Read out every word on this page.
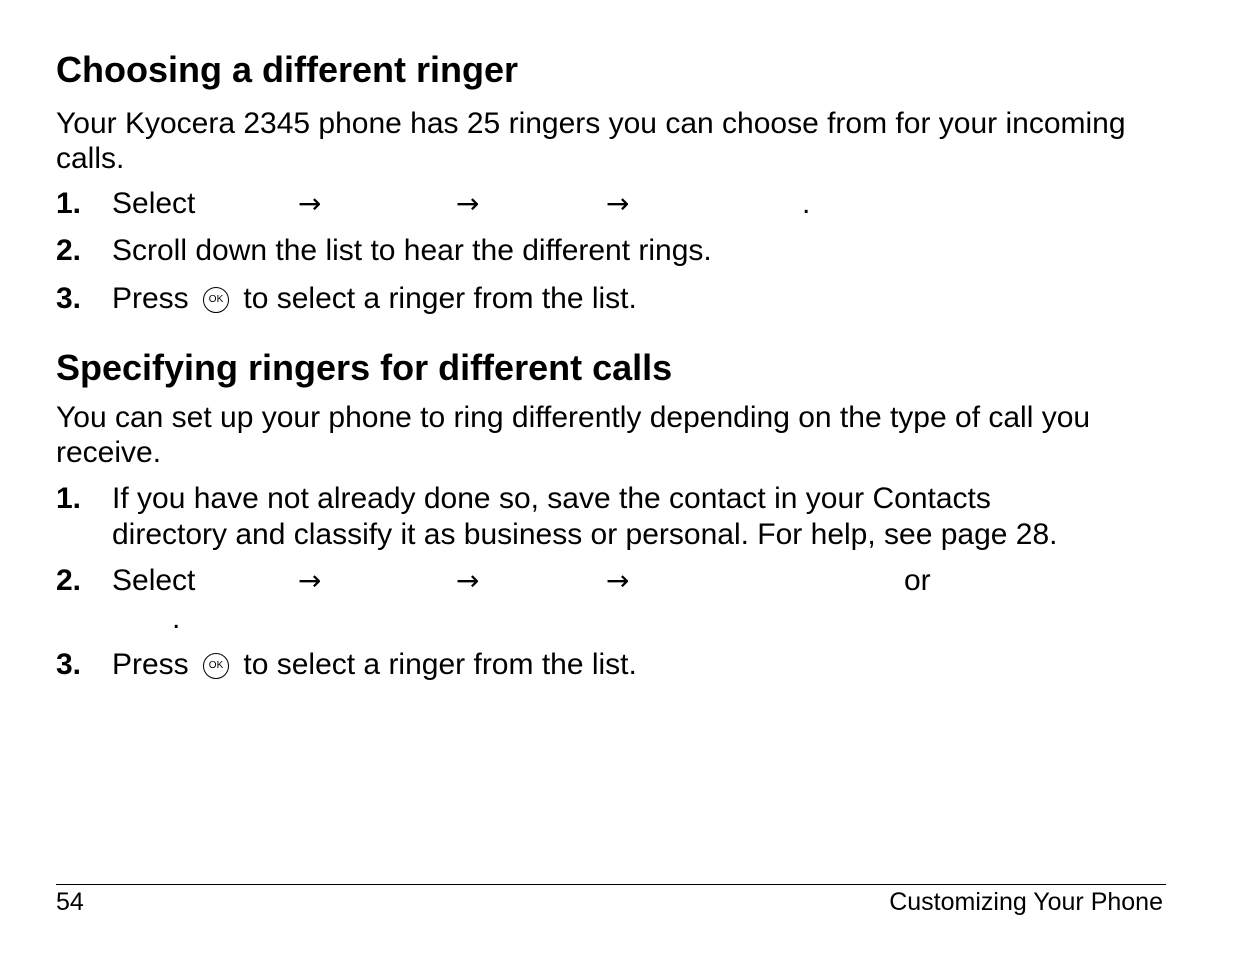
Choosing a different ringer
Your Kyocera 2345 phone has 25 ringers you can choose from for your incoming calls.
1.	Select	→	→	→	.
2.	Scroll down the list to hear the different rings.
3.	Press	OK to select a ringer from the list.
Specifying ringers for different calls
You can set up your phone to ring differently depending on the type of call you receive.
1.	If you have not already done so, save the contact in your Contacts
directory and classify it as business or personal. For help, see page 28.
2.	Select	→	→	→	or
.
3.	Press	OK to select a ringer from the list.
54	Customizing Your Phone
